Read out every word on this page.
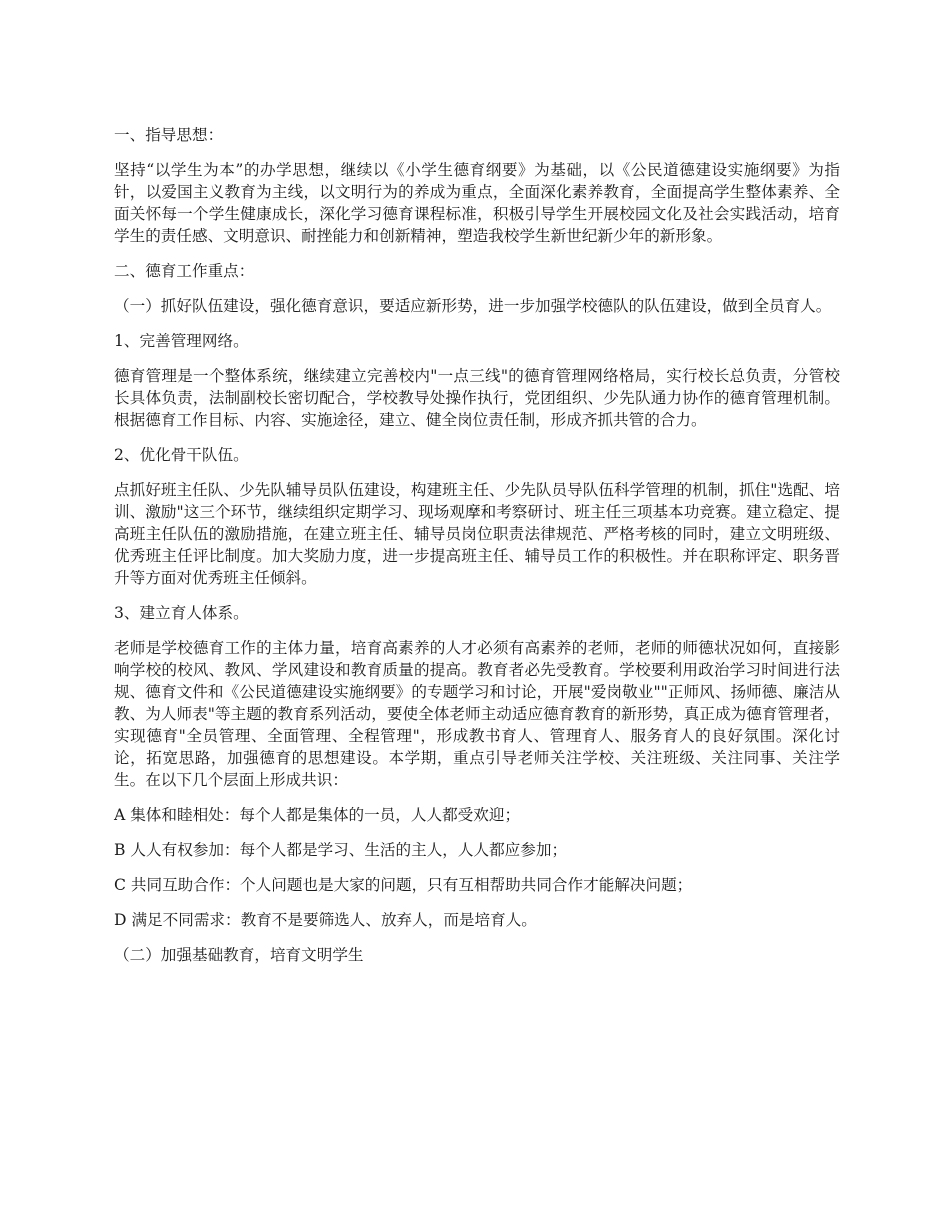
一、指导思想：

坚持“以学生为本”的办学思想，继续以《小学生德育纲要》为基础，以《公民道德建设实施纲要》为指针，以爱国主义教育为主线，以文明行为的养成为重点，全面深化素养教育，全面提高学生整体素养、全面关怀每一个学生健康成长，深化学习德育课程标准，积极引导学生开展校园文化及社会实践活动，培育学生的责任感、文明意识、耐挫能力和创新精神，塑造我校学生新世纪新少年的新形象。

二、德育工作重点：

（一）抓好队伍建设，强化德育意识，要适应新形势，进一步加强学校德队的队伍建设，做到全员育人。

1、完善管理网络。

德育管理是一个整体系统，继续建立完善校内"一点三线"的德育管理网络格局，实行校长总负责，分管校长具体负责，法制副校长密切配合，学校教导处操作执行，党团组织、少先队通力协作的德育管理机制。根据德育工作目标、内容、实施途径，建立、健全岗位责任制，形成齐抓共管的合力。

2、优化骨干队伍。

点抓好班主任队、少先队辅导员队伍建设，构建班主任、少先队员导队伍科学管理的机制，抓住"选配、培训、激励"这三个环节，继续组织定期学习、现场观摩和考察研讨、班主任三项基本功竞赛。建立稳定、提高班主任队伍的激励措施，在建立班主任、辅导员岗位职责法律规范、严格考核的同时，建立文明班级、优秀班主任评比制度。加大奖励力度，进一步提高班主任、辅导员工作的积极性。并在职称评定、职务晋升等方面对优秀班主任倾斜。

3、建立育人体系。

老师是学校德育工作的主体力量，培育高素养的人才必须有高素养的老师，老师的师德状况如何，直接影响学校的校风、教风、学风建设和教育质量的提高。教育者必先受教育。学校要利用政治学习时间进行法规、德育文件和《公民道德建设实施纲要》的专题学习和讨论，开展"爱岗敬业""正师风、扬师德、廉洁从教、为人师表"等主题的教育系列活动，要使全体老师主动适应德育教育的新形势，真正成为德育管理者，实现德育"全员管理、全面管理、全程管理"，形成教书育人、管理育人、服务育人的良好氛围。深化讨论，拓宽思路，加强德育的思想建设。本学期，重点引导老师关注学校、关注班级、关注同事、关注学生。在以下几个层面上形成共识：

A 集体和睦相处：每个人都是集体的一员，人人都受欢迎；

B 人人有权参加：每个人都是学习、生活的主人，人人都应参加；

C 共同互助合作：个人问题也是大家的问题，只有互相帮助共同合作才能解决问题；

D 满足不同需求：教育不是要筛选人、放弃人，而是培育人。

（二）加强基础教育，培育文明学生
